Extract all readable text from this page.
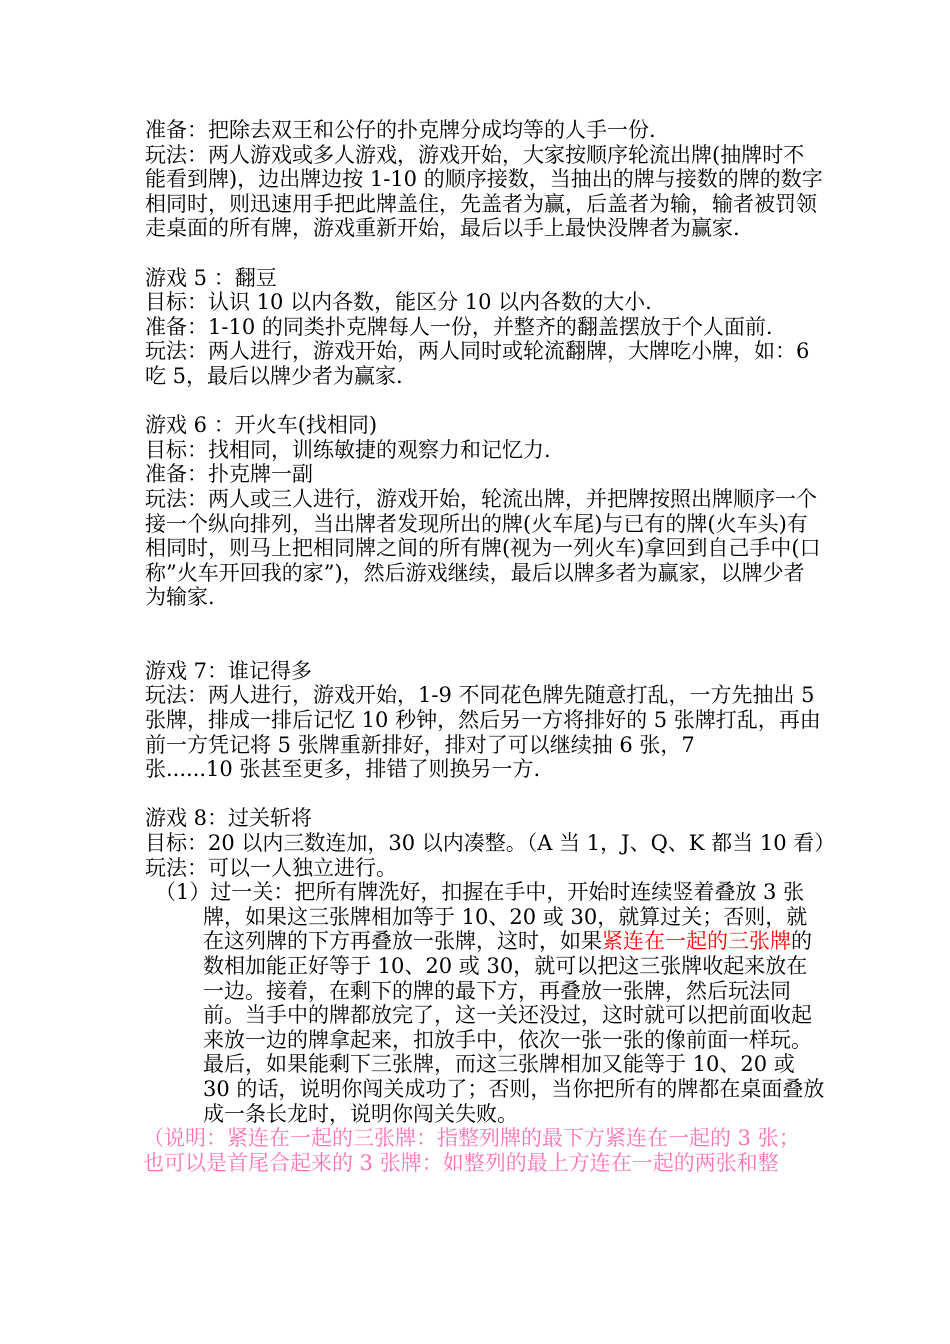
准备：把除去双王和公仔的扑克牌分成均等的人手一份.

玩法：两人游戏或多人游戏，游戏开始，大家按顺序轮流出牌(抽牌时不能看到牌)，边出牌边按 1-10 的顺序接数，当抽出的牌与接数的牌的数字相同时，则迅速用手把此牌盖住，先盖者为赢，后盖者为输，输者被罚领走桌面的所有牌，游戏重新开始，最后以手上最快没牌者为赢家.

游戏 5 ：翻豆

目标：认识 10 以内各数，能区分 10 以内各数的大小.

准备：1-10 的同类扑克牌每人一份，并整齐的翻盖摆放于个人面前.

玩法：两人进行，游戏开始，两人同时或轮流翻牌，大牌吃小牌，如：6 吃 5，最后以牌少者为赢家.

游戏 6 ：开火车(找相同)

目标：找相同，训练敏捷的观察力和记忆力.

准备：扑克牌一副

玩法：两人或三人进行，游戏开始，轮流出牌，并把牌按照出牌顺序一个接一个纵向排列，当出牌者发现所出的牌(火车尾)与已有的牌(火车头)有相同时，则马上把相同牌之间的所有牌(视为一列火车)拿回到自己手中(口称”火车开回我的家”)，然后游戏继续，最后以牌多者为赢家，以牌少者为输家.

游戏 7：谁记得多

玩法：两人进行，游戏开始，1-9 不同花色牌先随意打乱，一方先抽出 5 张牌，排成一排后记忆 10 秒钟，然后另一方将排好的 5 张牌打乱，再由前一方凭记将 5 张牌重新排好，排对了可以继续抽 6 张，7

张......10 张甚至更多，排错了则换另一方.

游戏 8：过关斩将

目标：20 以内三数连加，30 以内凑整。（A 当 1，J、Q、K 都当 10 看）

玩法：可以一人独立进行。

（1）过一关：把所有牌洗好，扣握在手中，开始时连续竖着叠放 3 张牌，如果这三张牌相加等于 10、20 或 30，就算过关；否则，就在这列牌的下方再叠放一张牌，这时，如果紧连在一起的三张牌的数相加能正好等于 10、20 或 30，就可以把这三张牌收起来放在一边。接着，在剩下的牌的最下方，再叠放一张牌，然后玩法同前。当手中的牌都放完了，这一关还没过，这时就可以把前面收起来放一边的牌拿起来，扣放手中，依次一张一张的像前面一样玩。最后，如果能剩下三张牌，而这三张牌相加又能等于 10、20 或 30 的话，说明你闯关成功了；否则，当你把所有的牌都在桌面叠放成一条长龙时，说明你闯关失败。

（说明：紧连在一起的三张牌：指整列牌的最下方紧连在一起的 3 张；

也可以是首尾合起来的 3 张牌：如整列的最上方连在一起的两张和整
